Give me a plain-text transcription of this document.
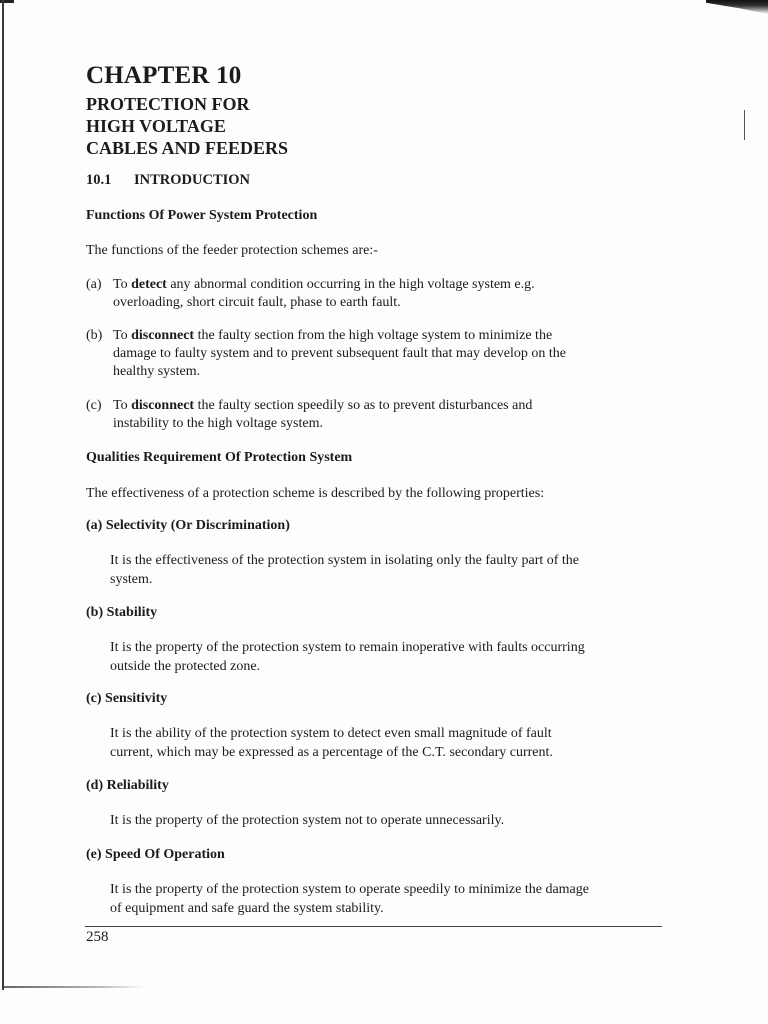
CHAPTER 10
PROTECTION FOR
HIGH VOLTAGE
CABLES AND FEEDERS
10.1 INTRODUCTION
Functions Of Power System Protection
The functions of the feeder protection schemes are:-
(a) To detect any abnormal condition occurring in the high voltage system e.g.
overloading, short circuit fault, phase to earth fault.
(b) To disconnect the faulty section from the high voltage system to minimize the
damage to faulty system and to prevent subsequent fault that may develop on the
healthy system.
(c) To disconnect the faulty section speedily so as to prevent disturbances and
instability to the high voltage system.
Qualities Requirement Of Protection System
The effectiveness of a protection scheme is described by the following properties:
(a) Selectivity (Or Discrimination)
It is the effectiveness of the protection system in isolating only the faulty part of the
system.
(b) Stability
It is the property of the protection system to remain inoperative with faults occurring
outside the protected zone.
(c) Sensitivity
It is the ability of the protection system to detect even small magnitude of fault
current, which may be expressed as a percentage of the C.T. secondary current.
(d) Reliability
It is the property of the protection system not to operate unnecessarily.
(e) Speed Of Operation
It is the property of the protection system to operate speedily to minimize the damage
of equipment and safe guard the system stability.
258
